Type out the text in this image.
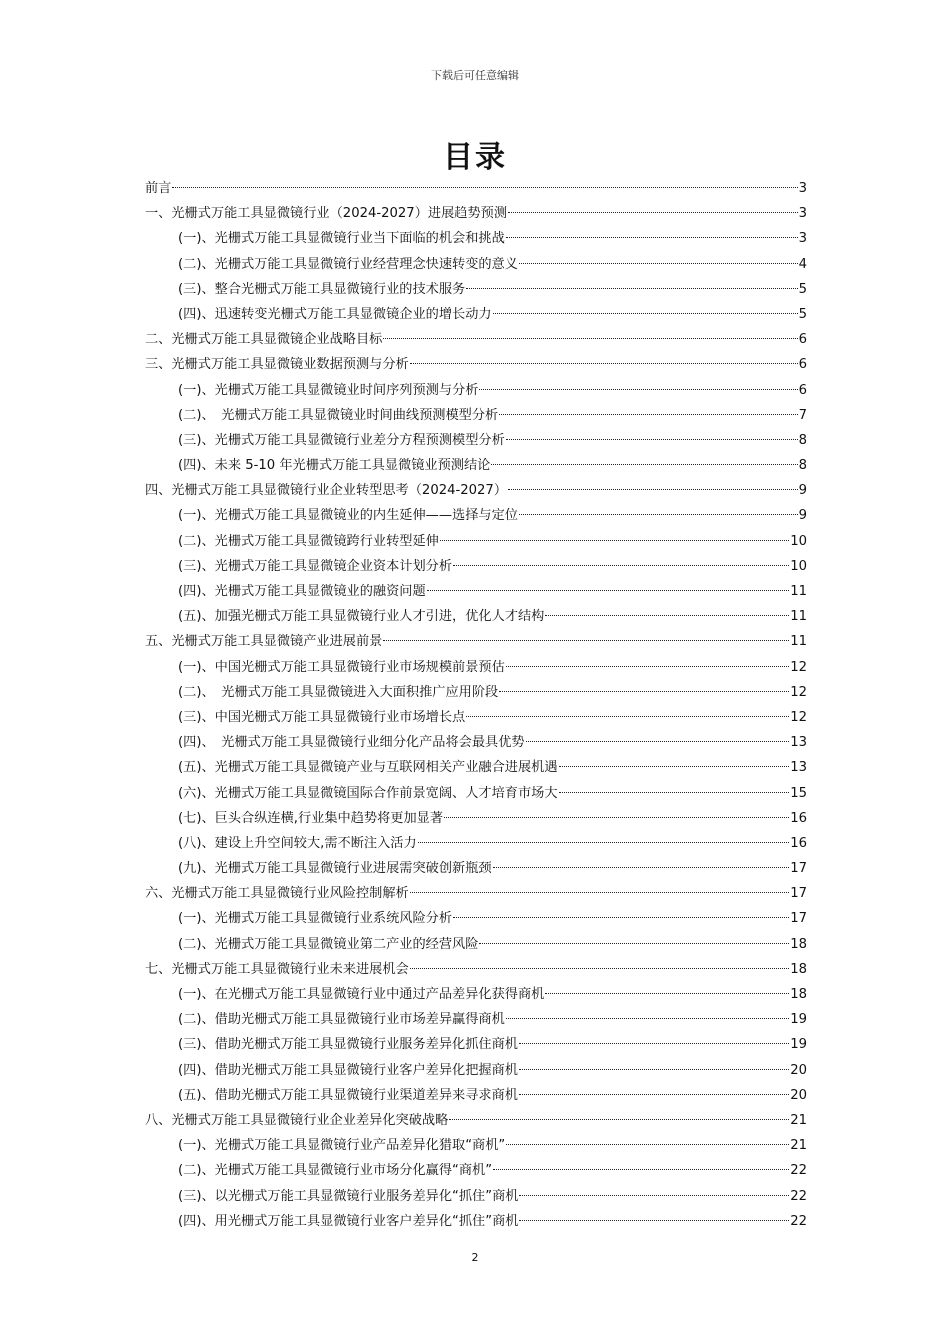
下载后可任意编辑
目录
前言	3
一、光栅式万能工具显微镜行业（2024-2027）进展趋势预测	3
(一)、光栅式万能工具显微镜行业当下面临的机会和挑战	3
(二)、光栅式万能工具显微镜行业经营理念快速转变的意义	4
(三)、整合光栅式万能工具显微镜行业的技术服务	5
(四)、迅速转变光栅式万能工具显微镜企业的增长动力	5
二、光栅式万能工具显微镜企业战略目标	6
三、光栅式万能工具显微镜业数据预测与分析	6
(一)、光栅式万能工具显微镜业时间序列预测与分析	6
(二)、　光栅式万能工具显微镜业时间曲线预测模型分析	7
(三)、光栅式万能工具显微镜行业差分方程预测模型分析	8
(四)、未来 5-10 年光栅式万能工具显微镜业预测结论	8
四、光栅式万能工具显微镜行业企业转型思考（2024-2027）	9
(一)、光栅式万能工具显微镜业的内生延伸——选择与定位	9
(二)、光栅式万能工具显微镜跨行业转型延伸	10
(三)、光栅式万能工具显微镜企业资本计划分析	10
(四)、光栅式万能工具显微镜业的融资问题	11
(五)、加强光栅式万能工具显微镜行业人才引进，优化人才结构	11
五、光栅式万能工具显微镜产业进展前景	11
(一)、中国光栅式万能工具显微镜行业市场规模前景预估	12
(二)、　光栅式万能工具显微镜进入大面积推广应用阶段	12
(三)、中国光栅式万能工具显微镜行业市场增长点	12
(四)、　光栅式万能工具显微镜行业细分化产品将会最具优势	13
(五)、光栅式万能工具显微镜产业与互联网相关产业融合进展机遇	13
(六)、光栅式万能工具显微镜国际合作前景宽阔、人才培育市场大	15
(七)、巨头合纵连横,行业集中趋势将更加显著	16
(八)、建设上升空间较大,需不断注入活力	16
(九)、光栅式万能工具显微镜行业进展需突破创新瓶颈	17
六、光栅式万能工具显微镜行业风险控制解析	17
(一)、光栅式万能工具显微镜行业系统风险分析	17
(二)、光栅式万能工具显微镜业第二产业的经营风险	18
七、光栅式万能工具显微镜行业未来进展机会	18
(一)、在光栅式万能工具显微镜行业中通过产品差异化获得商机	18
(二)、借助光栅式万能工具显微镜行业市场差异赢得商机	19
(三)、借助光栅式万能工具显微镜行业服务差异化抓住商机	19
(四)、借助光栅式万能工具显微镜行业客户差异化把握商机	20
(五)、借助光栅式万能工具显微镜行业渠道差异来寻求商机	20
八、光栅式万能工具显微镜行业企业差异化突破战略	21
(一)、光栅式万能工具显微镜行业产品差异化猎取“商机”	21
(二)、光栅式万能工具显微镜行业市场分化赢得“商机”	22
(三)、以光栅式万能工具显微镜行业服务差异化“抓住”商机	22
(四)、用光栅式万能工具显微镜行业客户差异化“抓住”商机	22
2
